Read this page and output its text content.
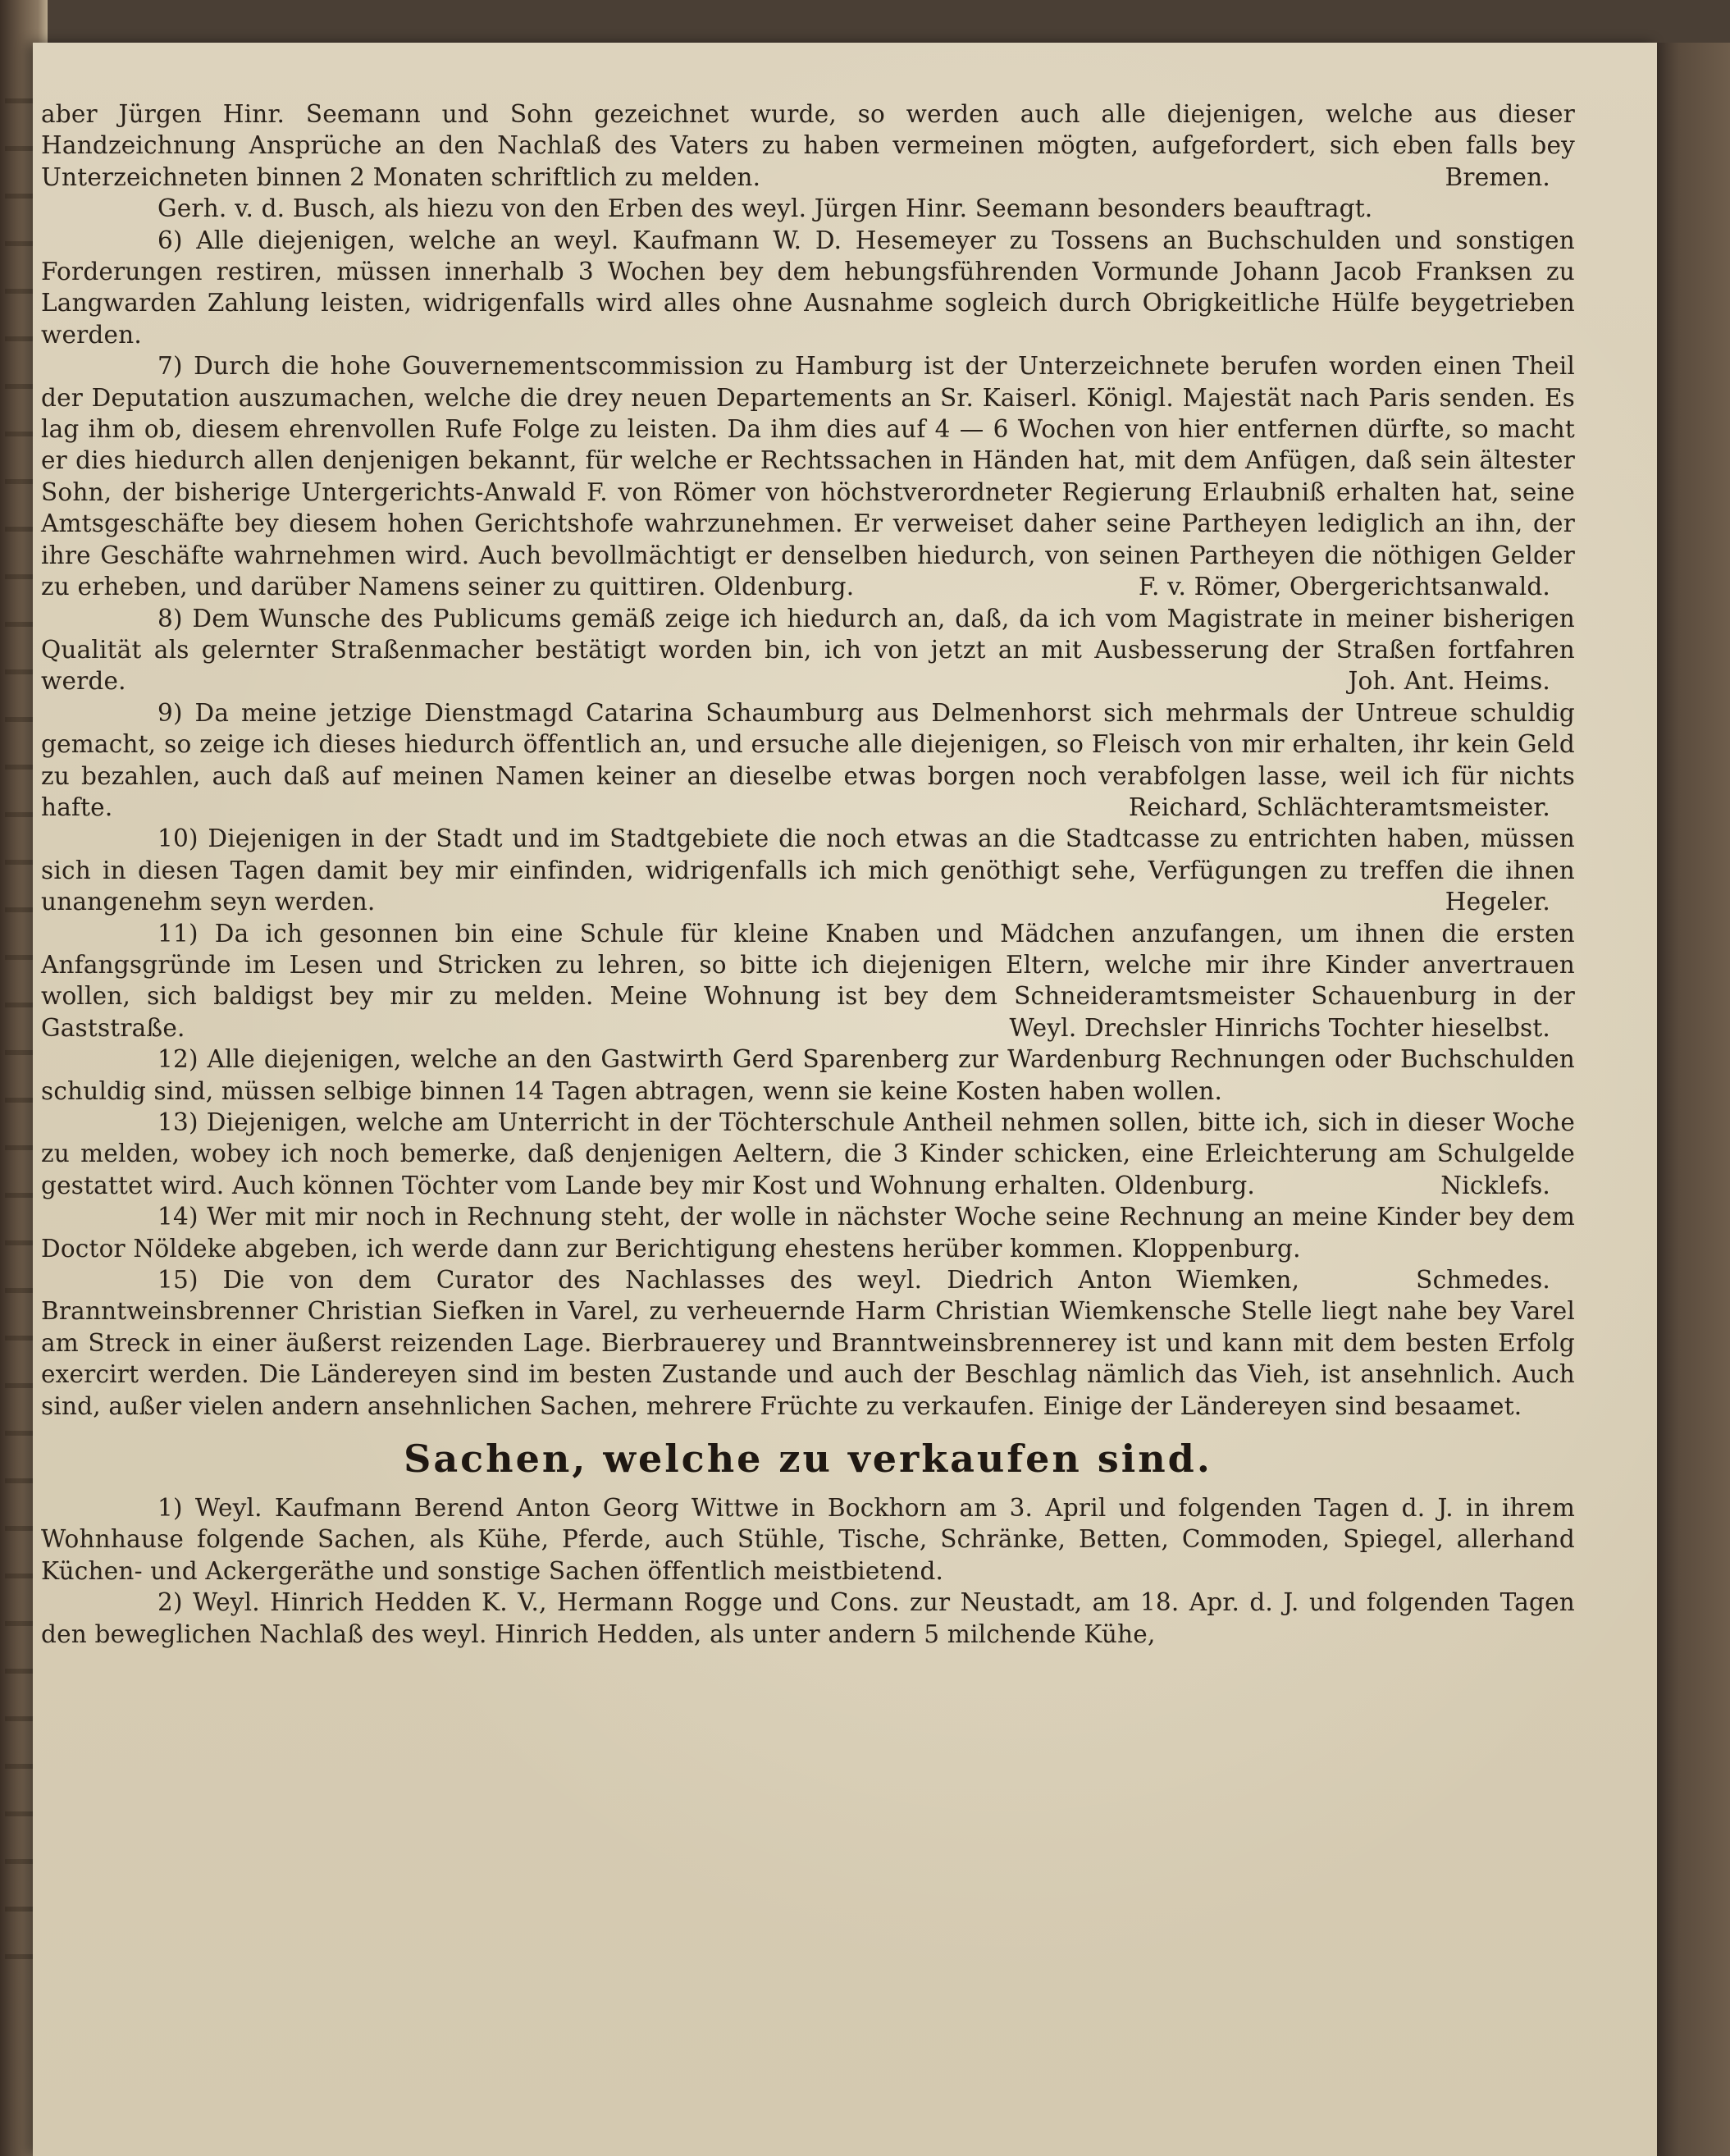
aber Jürgen Hinr. Seemann und Sohn gezeichnet wurde, so werden auch alle diejenigen, welche aus dieser Handzeichnung Ansprüche an den Nachlaß des Vaters zu haben vermeinen mögten, aufgefordert, sich eben falls bey Unterzeichneten binnen 2 Monaten schriftlich zu melden.	Bremen.

Gerh. v. d. Busch, als hiezu von den Erben des weyl. Jürgen Hinr. Seemann besonders beauftragt.

6) Alle diejenigen, welche an weyl. Kaufmann W. D. Hesemeyer zu Tossens an Buchschulden und sonstigen Forderungen restiren, müssen innerhalb 3 Wochen bey dem hebungsführenden Vormunde Johann Jacob Franksen zu Langwarden Zahlung leisten, widrigenfalls wird alles ohne Ausnahme sogleich durch Obrigkeitliche Hülfe beygetrieben werden.

7) Durch die hohe Gouvernementscommission zu Hamburg ist der Unterzeichnete berufen worden einen Theil der Deputation auszumachen, welche die drey neuen Departements an Sr. Kaiserl. Königl. Majestät nach Paris senden. Es lag ihm ob, diesem ehrenvollen Rufe Folge zu leisten. Da ihm dies auf 4 — 6 Wochen von hier entfernen dürfte, so macht er dies hiedurch allen denjenigen bekannt, für welche er Rechtssachen in Händen hat, mit dem Anfügen, daß sein ältester Sohn, der bisherige Untergerichts-Anwald F. von Römer von höchstverordneter Regierung Erlaubniß erhalten hat, seine Amtsgeschäfte bey diesem hohen Gerichtshofe wahrzunehmen. Er verweiset daher seine Partheyen lediglich an ihn, der ihre Geschäfte wahrnehmen wird. Auch bevollmächtigt er denselben hiedurch, von seinen Partheyen die nöthigen Gelder zu erheben, und darüber Namens seiner zu quittiren. Oldenburg.	F. v. Römer, Obergerichtsanwald.

8) Dem Wunsche des Publicums gemäß zeige ich hiedurch an, daß, da ich vom Magistrate in meiner bisherigen Qualität als gelernter Straßenmacher bestätigt worden bin, ich von jetzt an mit Ausbesserung der Straßen fortfahren werde.	Joh. Ant. Heims.

9) Da meine jetzige Dienstmagd Catarina Schaumburg aus Delmenhorst sich mehrmals der Untreue schuldig gemacht, so zeige ich dieses hiedurch öffentlich an, und ersuche alle diejenigen, so Fleisch von mir erhalten, ihr kein Geld zu bezahlen, auch daß auf meinen Namen keiner an dieselbe etwas borgen noch verabfolgen lasse, weil ich für nichts hafte.	Reichard, Schlächteramtsmeister.

10) Diejenigen in der Stadt und im Stadtgebiete die noch etwas an die Stadtcasse zu entrichten haben, müssen sich in diesen Tagen damit bey mir einfinden, widrigenfalls ich mich genöthigt sehe, Verfügungen zu treffen die ihnen unangenehm seyn werden.	Hegeler.

11) Da ich gesonnen bin eine Schule für kleine Knaben und Mädchen anzufangen, um ihnen die ersten Anfangsgründe im Lesen und Stricken zu lehren, so bitte ich diejenigen Eltern, welche mir ihre Kinder anvertrauen wollen, sich baldigst bey mir zu melden. Meine Wohnung ist bey dem Schneideramtsmeister Schauenburg in der Gaststraße.	Weyl. Drechsler Hinrichs Tochter hieselbst.

12) Alle diejenigen, welche an den Gastwirth Gerd Sparenberg zur Wardenburg Rechnungen oder Buchschulden schuldig sind, müssen selbige binnen 14 Tagen abtragen, wenn sie keine Kosten haben wollen.

13) Diejenigen, welche am Unterricht in der Töchterschule Antheil nehmen sollen, bitte ich, sich in dieser Woche zu melden, wobey ich noch bemerke, daß denjenigen Aeltern, die 3 Kinder schicken, eine Erleichterung am Schulgelde gestattet wird. Auch können Töchter vom Lande bey mir Kost und Wohnung erhalten. Oldenburg.	Nicklefs.

14) Wer mit mir noch in Rechnung steht, der wolle in nächster Woche seine Rechnung an meine Kinder bey dem Doctor Nöldeke abgeben, ich werde dann zur Berichtigung ehestens herüber kommen. Kloppenburg.
Schmedes.

15) Die von dem Curator des Nachlasses des weyl. Diedrich Anton Wiemken, Branntweinsbrenner Christian Siefken in Varel, zu verheuernde Harm Christian Wiemkensche Stelle liegt nahe bey Varel am Streck in einer äußerst reizenden Lage. Bierbrauerey und Branntweinsbrennerey ist und kann mit dem besten Erfolg exercirt werden. Die Ländereyen sind im besten Zustande und auch der Beschlag nämlich das Vieh, ist ansehnlich. Auch sind, außer vielen andern ansehnlichen Sachen, mehrere Früchte zu verkaufen. Einige der Ländereyen sind besaamet.

Sachen, welche zu verkaufen sind.

1) Weyl. Kaufmann Berend Anton Georg Wittwe in Bockhorn am 3. April und folgenden Tagen d. J. in ihrem Wohnhause folgende Sachen, als Kühe, Pferde, auch Stühle, Tische, Schränke, Betten, Commoden, Spiegel, allerhand Küchen- und Ackergeräthe und sonstige Sachen öffentlich meistbietend.

2) Weyl. Hinrich Hedden K. V., Hermann Rogge und Cons. zur Neustadt, am 18. Apr. d. J. und folgenden Tagen den beweglichen Nachlaß des weyl. Hinrich Hedden, als unter andern 5 milchende Kühe,
